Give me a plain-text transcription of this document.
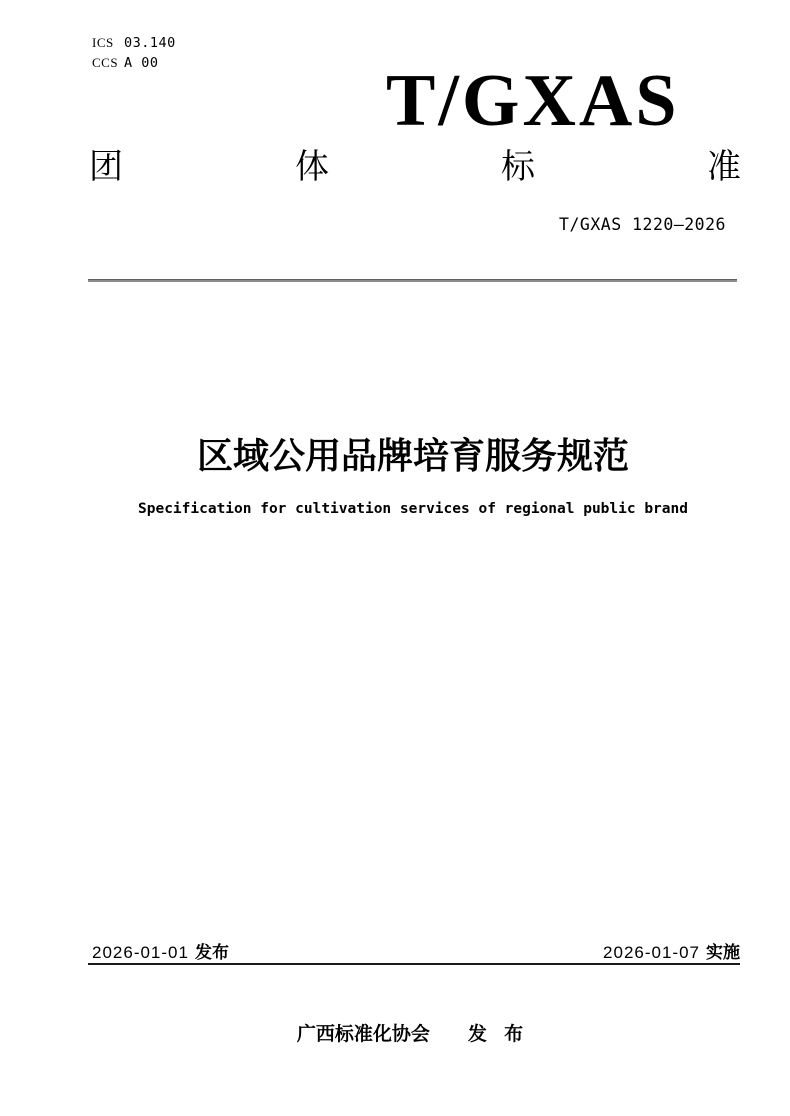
ICS 03.140
CCS A 00	T/GXAS
团	体	标	准
T/GXAS 1220—2026
区域公用品牌培育服务规范
Specification for cultivation services of regional public brand
2026-01-01 发布	2026-01-07 实施
广西标准化协会 发 布
